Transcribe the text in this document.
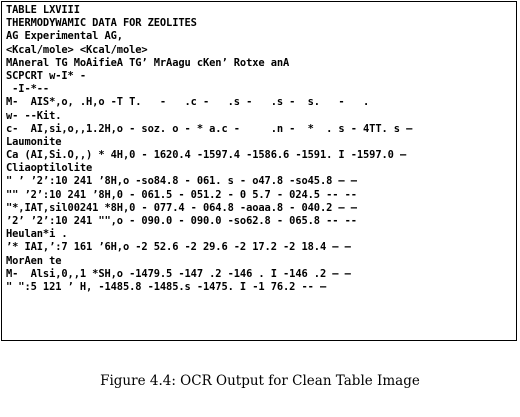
TABLE LXVIII
THERMODYWAMIC DATA FOR ZEOLITES
AG Experimental AG,
<Kcal/mole> <Kcal/mole>
MAneral TG MoAifieA TG’ MrAagu cKen’ Rotxe anA
SCPCRT w-I* -
-I-*--
M-  AIS*,o, .H,o -T T.   -   .c -   .s -   .s -  s.   -   .
w- --Kit.
c-  AI,si,o,,1.2H,o - soz. o - * a.c -     .n -  *  . s - 4TT. s —
Laumonite
Ca (AI,Si.O,,) * 4H,0 - 1620.4 -1597.4 -1586.6 -1591. I -1597.0 —
Cliaoptilolite
" ’ ’2’:10 241 ’8H,o -so84.8 - 061. s - o47.8 -so45.8 — —
"" ’2’:10 241 ’8H,0 - 061.5 - 051.2 - 0 5.7 - 024.5 -- --
"*,IAT,sil00241 *8H,0 - 077.4 - 064.8 -aoaa.8 - 040.2 — —
’2’ ’2’:10 241 "",o - 090.0 - 090.0 -so62.8 - 065.8 -- --
Heulan*i .
’* IAI,’:7 161 ’6H,o -2 52.6 -2 29.6 -2 17.2 -2 18.4 — —
MorAen te
M-  Alsi,0,,1 *SH,o -1479.5 -147 .2 -146 . I -146 .2 — —
" ":5 121 ’ H, -1485.8 -1485.s -1475. I -1 76.2 -- —
Figure 4.4: OCR Output for Clean Table Image
